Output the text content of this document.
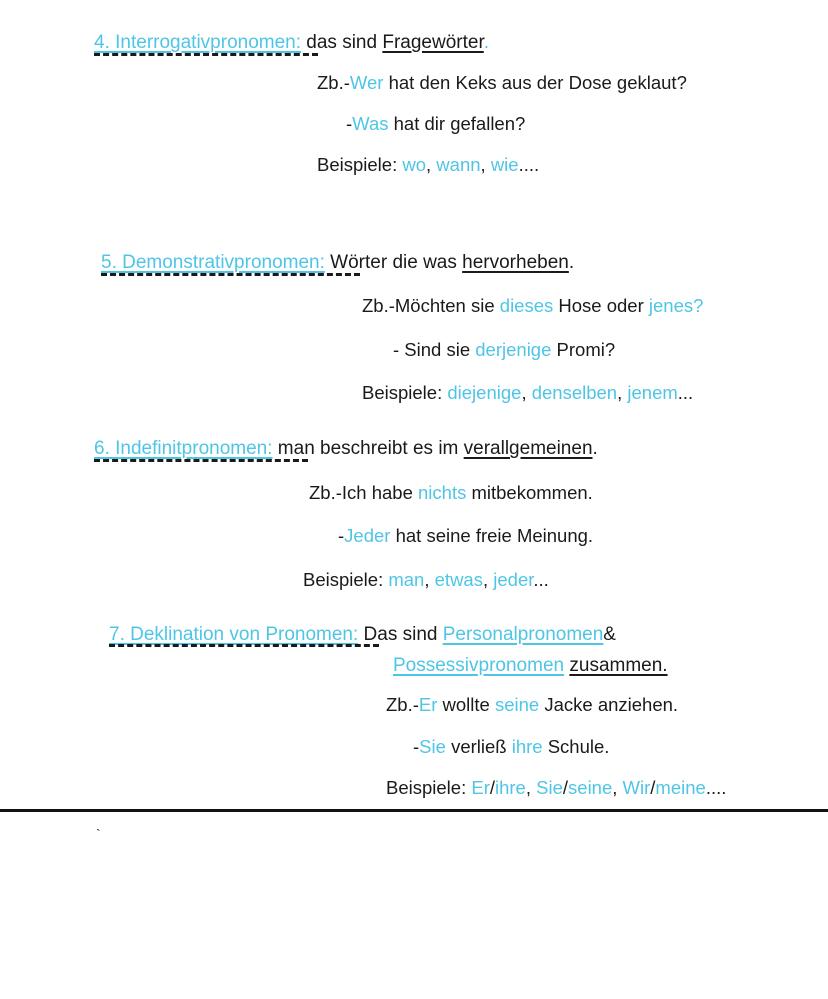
4. Interrogativpronomen: das sind Fragewörter.
Zb.-Wer hat den Keks aus der Dose geklaut?
-Was hat dir gefallen?
Beispiele: wo, wann, wie....
5. Demonstrativpronomen: Wörter die was hervorheben.
Zb.-Möchten sie dieses Hose oder jenes?
- Sind sie derjenige Promi?
Beispiele: diejenige, denselben, jenem...
6. Indefinitpronomen: man beschreibt es im verallgemeinen.
Zb.-Ich habe nichts mitbekommen.
-Jeder hat seine freie Meinung.
Beispiele: man, etwas, jeder...
7. Deklination von Pronomen: Das sind Personalpronomen&
Possessivpronomen zusammen.
Zb.-Er wollte seine Jacke anziehen.
-Sie verließ ihre Schule.
Beispiele: Er/ihre, Sie/seine, Wir/meine....
`
